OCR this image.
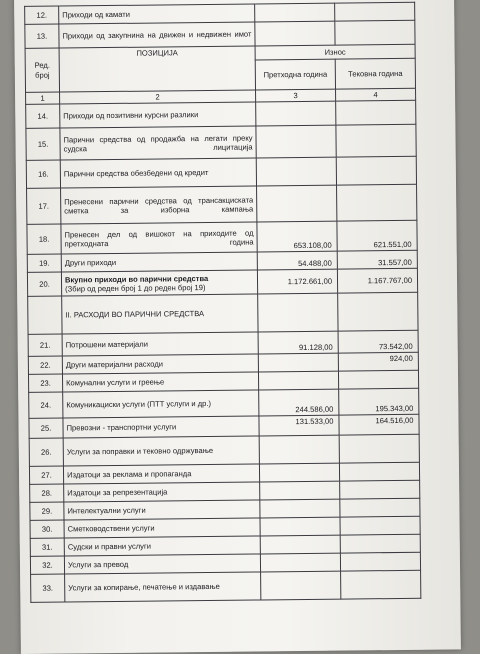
12.	Приходи од камати		
13.	Приходи од закупнина на движен и недвижен имот		

Ред. број	ПОЗИЦИЈА	Износ	
		Претходна година	Тековна година
1	2	3	4
14.	Приходи од позитивни курсни разлики		
15.	Парични средства од продажба на легати преку судска лицитација		

16.	Парични средства обезбедени од кредит		
17.	Пренесени парични средства од трансакциската сметка за изборна кампања		

18.	Пренесен дел од вишокот на приходите од претходната година	653.108,00	621.551,00
19.	Други приходи	54.488,00	31.557,00
20.	Вкупно приходи во парични средства
(Збир од реден број 1 до реден број 19)	1.172.661,00	1.167.767,00
	II. РАСХОДИ ВО ПАРИЧНИ СРЕДСТВА		
21.	Потрошени материјали	91.128,00	73.542,00
22.	Други материјални расходи		924,00
23.	Комунални услуги и греење		
24.	Комуникациски услуги (ПТТ услуги и др.)	244.586,00	195.343,00
25.	Превозни - транспортни услуги	131.533,00	164.516,00
26.	Услуги за поправки и тековно одржување		
27.	Издатоци за реклама и пропаганда		
28.	Издатоци за репрезентација		
29.	Интелектуални услуги		
30.	Сметководствени услуги		
31.	Судски и правни услуги		
32.	Услуги за превод		
33.	Услуги за копирање, печатење и издавање		
